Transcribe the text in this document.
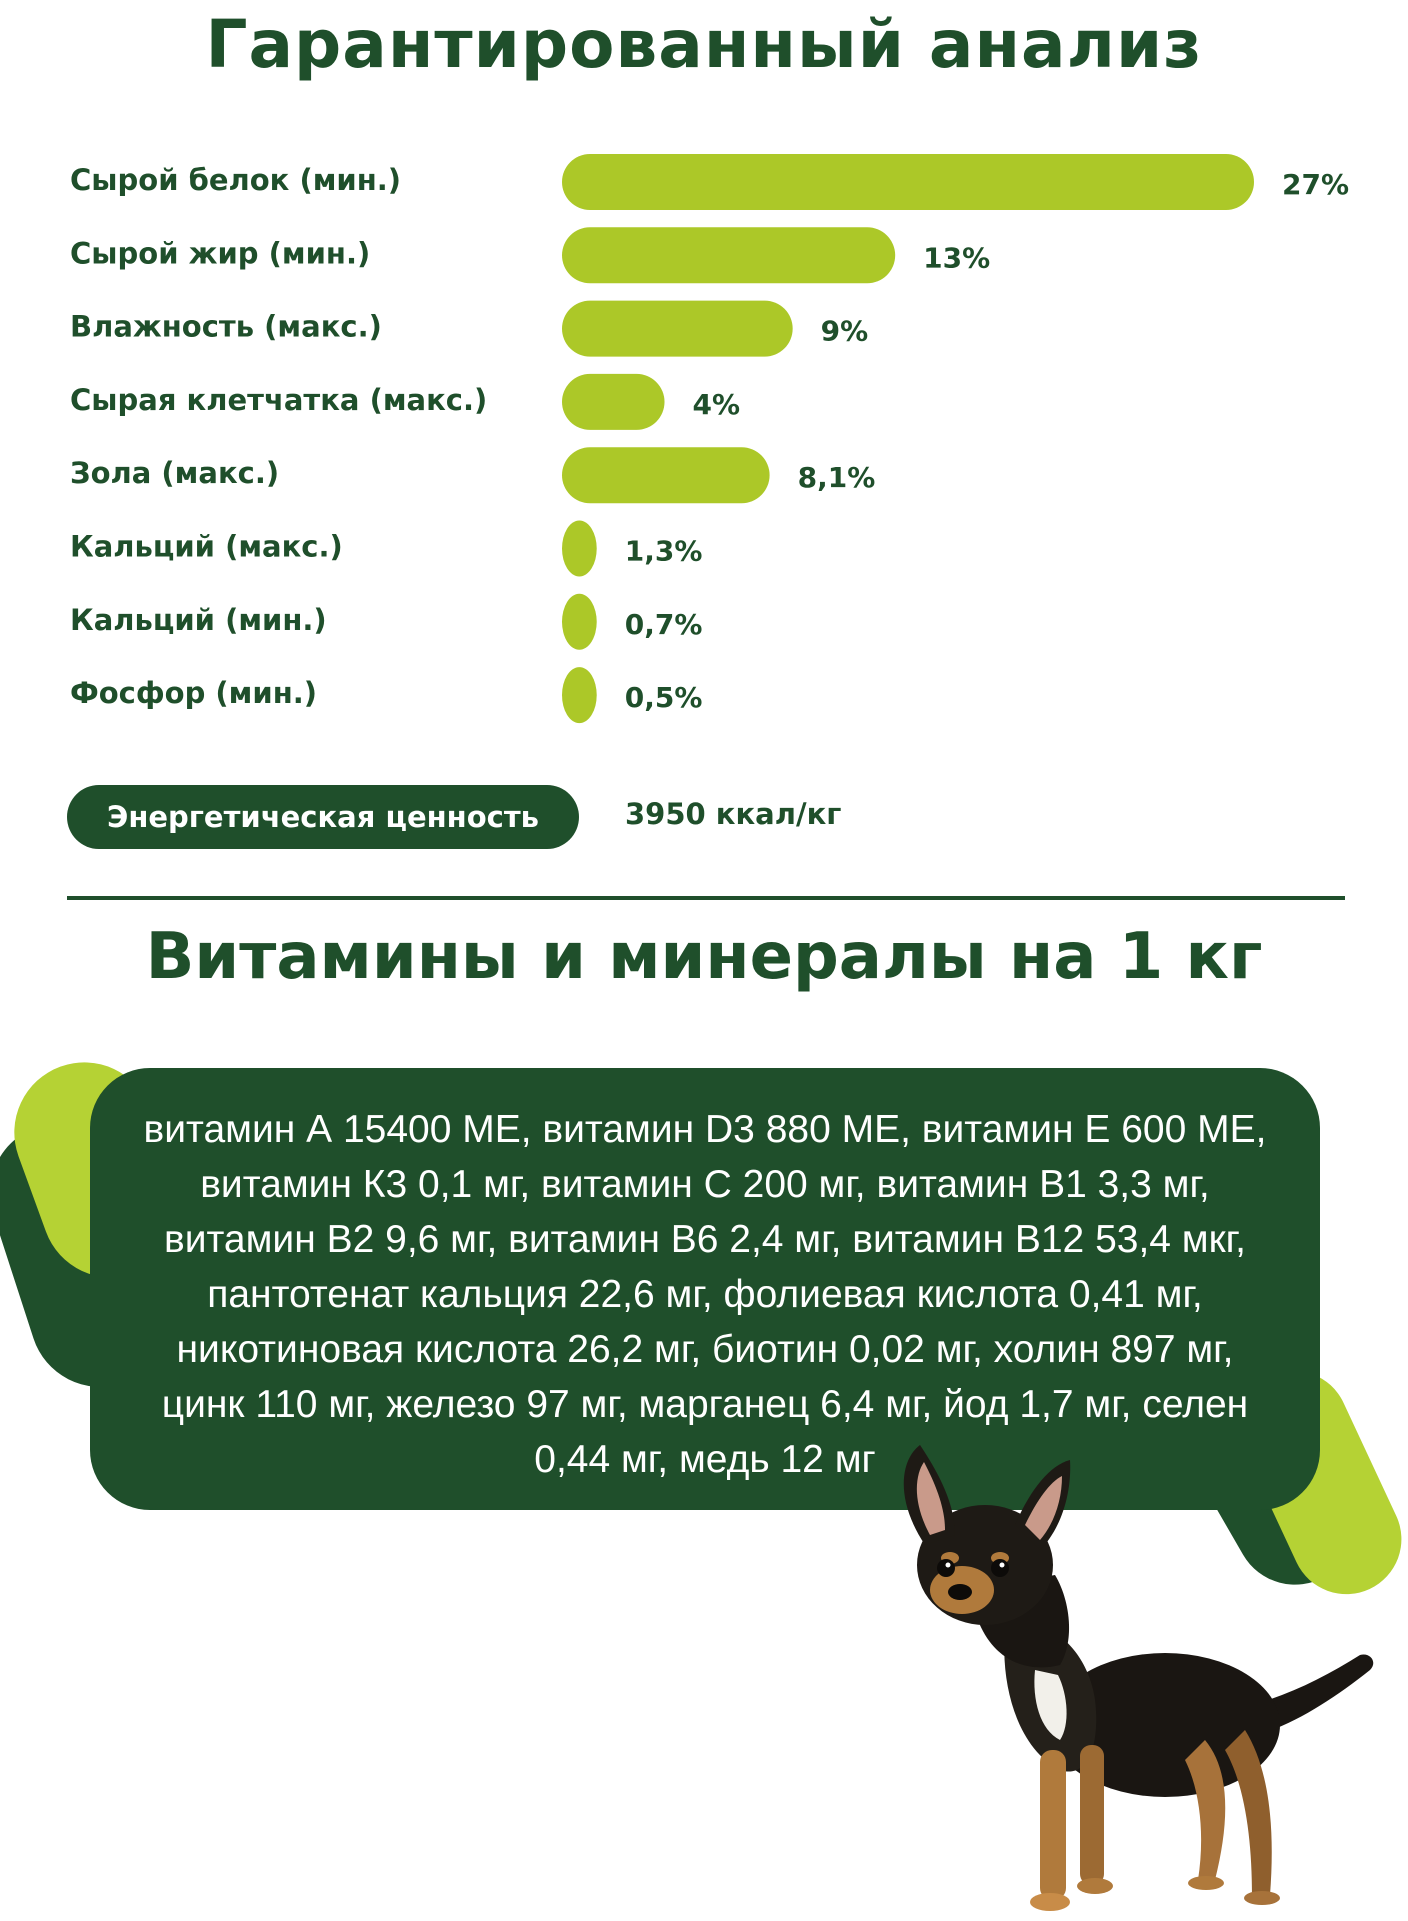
Гарантированный анализ
Сырой белок (мин.)	27%
Сырой жир (мин.)	13%
Влажность (макс.)	9%
Сырая клетчатка (макс.)	4%
Зола (макс.)	8,1%
Кальций (макс.)	1,3%
Кальций (мин.)	0,7%
Фосфор (мин.)	0,5%
Энергетическая ценность	3950 ккал/кг
Витамины и минералы на 1 кг

витамин А 15400 МЕ, витамин D3 880 МЕ, витамин Е 600 МЕ,
витамин К3 0,1 мг, витамин С 200 мг, витамин В1 3,3 мг,
витамин В2 9,6 мг, витамин В6 2,4 мг, витамин В12 53,4 мкг,
пантотенат кальция 22,6 мг, фолиевая кислота 0,41 мг,
никотиновая кислота 26,2 мг, биотин 0,02 мг, холин 897 мг,
цинк 110 мг, железо 97 мг, марганец 6,4 мг, йод 1,7 мг, селен
0,44 мг, медь 12 мг
